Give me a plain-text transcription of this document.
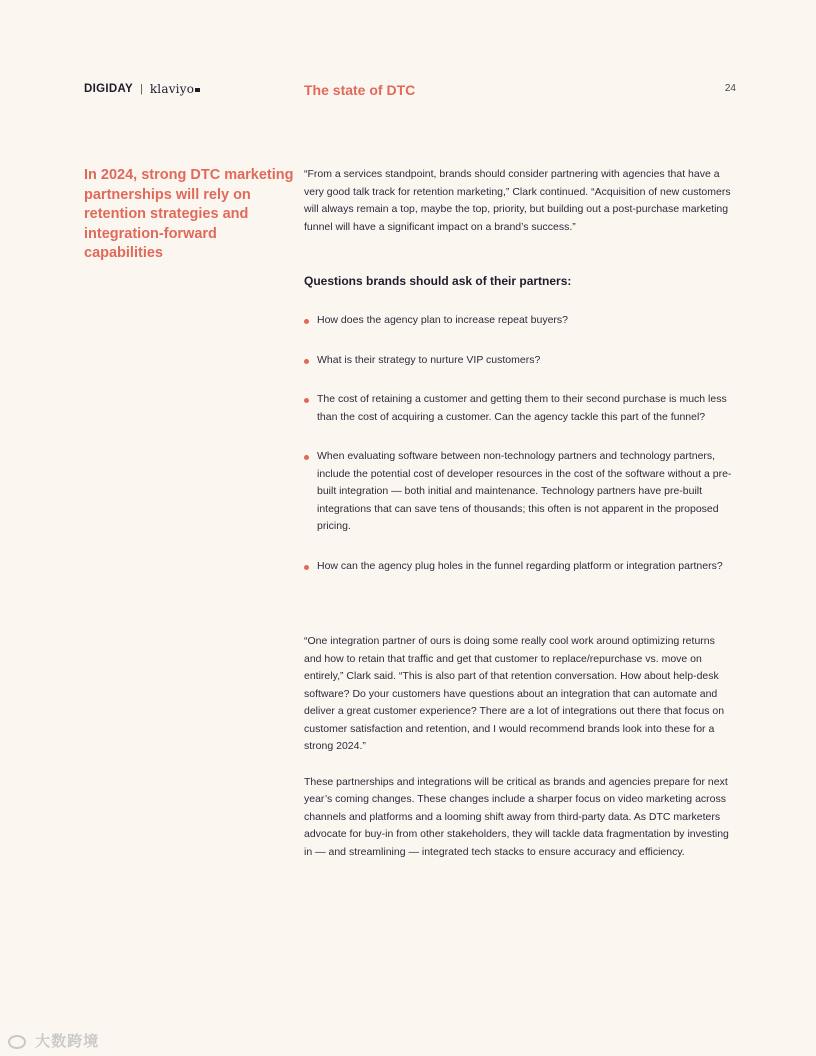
DIGIDAY | klaviyo	The state of DTC	24
In 2024, strong DTC marketing partnerships will rely on retention strategies and integration-forward capabilities

“From a services standpoint, brands should consider partnering with agencies that have a very good talk track for retention marketing,” Clark continued. “Acquisition of new customers will always remain a top, maybe the top, priority, but building out a post-purchase marketing funnel will have a significant impact on a brand’s success.”

Questions brands should ask of their partners:

How does the agency plan to increase repeat buyers?
What is their strategy to nurture VIP customers?
The cost of retaining a customer and getting them to their second purchase is much less than the cost of acquiring a customer. Can the agency tackle this part of the funnel?
When evaluating software between non-technology partners and technology partners, include the potential cost of developer resources in the cost of the software without a pre-built integration — both initial and maintenance. Technology partners have pre-built integrations that can save tens of thousands; this often is not apparent in the proposed pricing.
How can the agency plug holes in the funnel regarding platform or integration partners?

“One integration partner of ours is doing some really cool work around optimizing returns and how to retain that traffic and get that customer to replace/repurchase vs. move on entirely,” Clark said. “This is also part of that retention conversation. How about help-desk software? Do your customers have questions about an integration that can automate and deliver a great customer experience? There are a lot of integrations out there that focus on customer satisfaction and retention, and I would recommend brands look into these for a strong 2024.”

These partnerships and integrations will be critical as brands and agencies prepare for next year’s coming changes. These changes include a sharper focus on video marketing across channels and platforms and a looming shift away from third-party data. As DTC marketers advocate for buy-in from other stakeholders, they will tackle data fragmentation by investing in — and streamlining — integrated tech stacks to ensure accuracy and efficiency.

大数跨境
